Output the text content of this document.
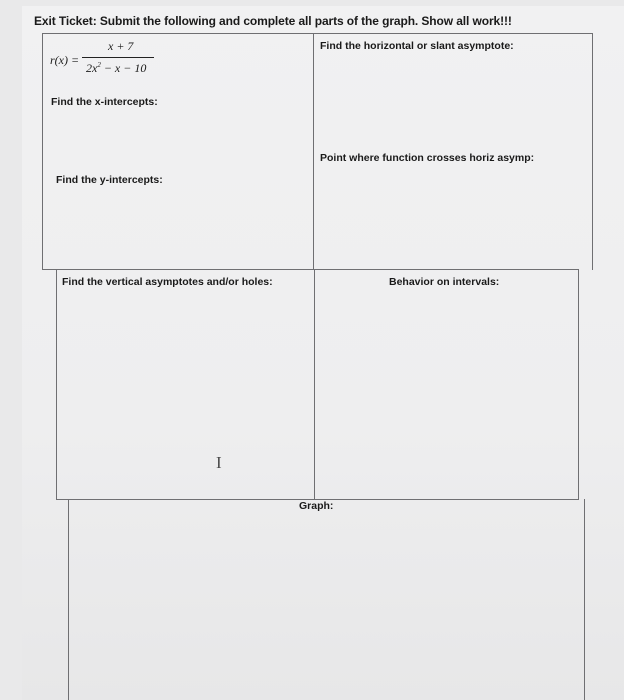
Exit Ticket: Submit the following and complete all parts of the graph. Show all work!!!
r(x) =
x + 7
$2x^2 - x - 10$
Find the x-intercepts:
Find the y-intercepts:
Find the horizontal or slant asymptote:
Point where function crosses horiz asymp:
Find the vertical asymptotes and/or holes:	Behavior on intervals:
Graph:
I
